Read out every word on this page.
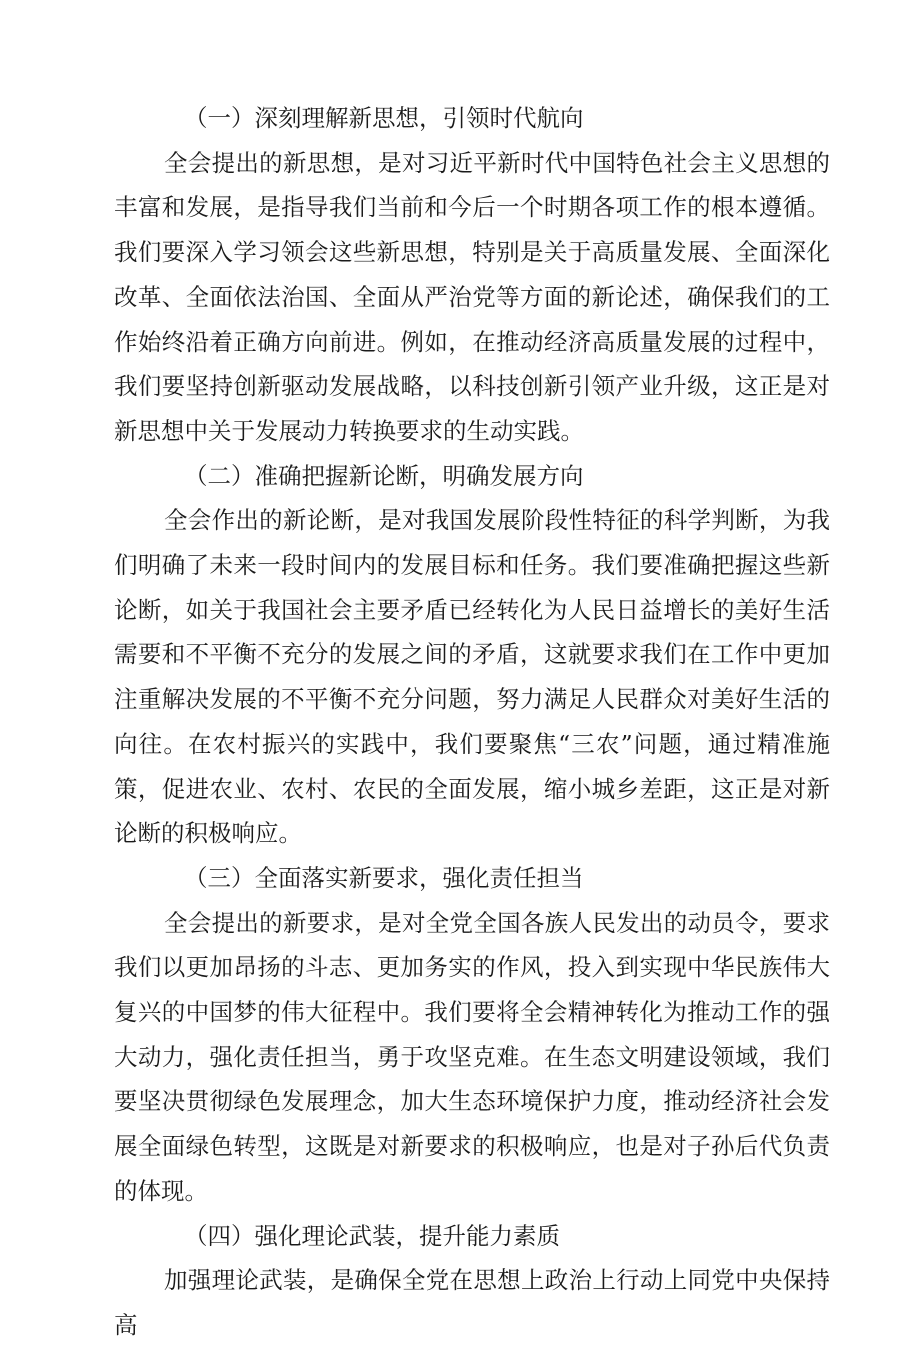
（一）深刻理解新思想，引领时代航向

全会提出的新思想，是对习近平新时代中国特色社会主义思想的丰富和发展，是指导我们当前和今后一个时期各项工作的根本遵循。我们要深入学习领会这些新思想，特别是关于高质量发展、全面深化改革、全面依法治国、全面从严治党等方面的新论述，确保我们的工作始终沿着正确方向前进。例如，在推动经济高质量发展的过程中，我们要坚持创新驱动发展战略，以科技创新引领产业升级，这正是对新思想中关于发展动力转换要求的生动实践。

（二）准确把握新论断，明确发展方向

全会作出的新论断，是对我国发展阶段性特征的科学判断，为我们明确了未来一段时间内的发展目标和任务。我们要准确把握这些新论断，如关于我国社会主要矛盾已经转化为人民日益增长的美好生活需要和不平衡不充分的发展之间的矛盾，这就要求我们在工作中更加注重解决发展的不平衡不充分问题，努力满足人民群众对美好生活的向往。在农村振兴的实践中，我们要聚焦“三农”问题，通过精准施策，促进农业、农村、农民的全面发展，缩小城乡差距，这正是对新论断的积极响应。

（三）全面落实新要求，强化责任担当

全会提出的新要求，是对全党全国各族人民发出的动员令，要求我们以更加昂扬的斗志、更加务实的作风，投入到实现中华民族伟大复兴的中国梦的伟大征程中。我们要将全会精神转化为推动工作的强大动力，强化责任担当，勇于攻坚克难。在生态文明建设领域，我们要坚决贯彻绿色发展理念，加大生态环境保护力度，推动经济社会发展全面绿色转型，这既是对新要求的积极响应，也是对子孙后代负责的体现。

（四）强化理论武装，提升能力素质

加强理论武装，是确保全党在思想上政治上行动上同党中央保持高
